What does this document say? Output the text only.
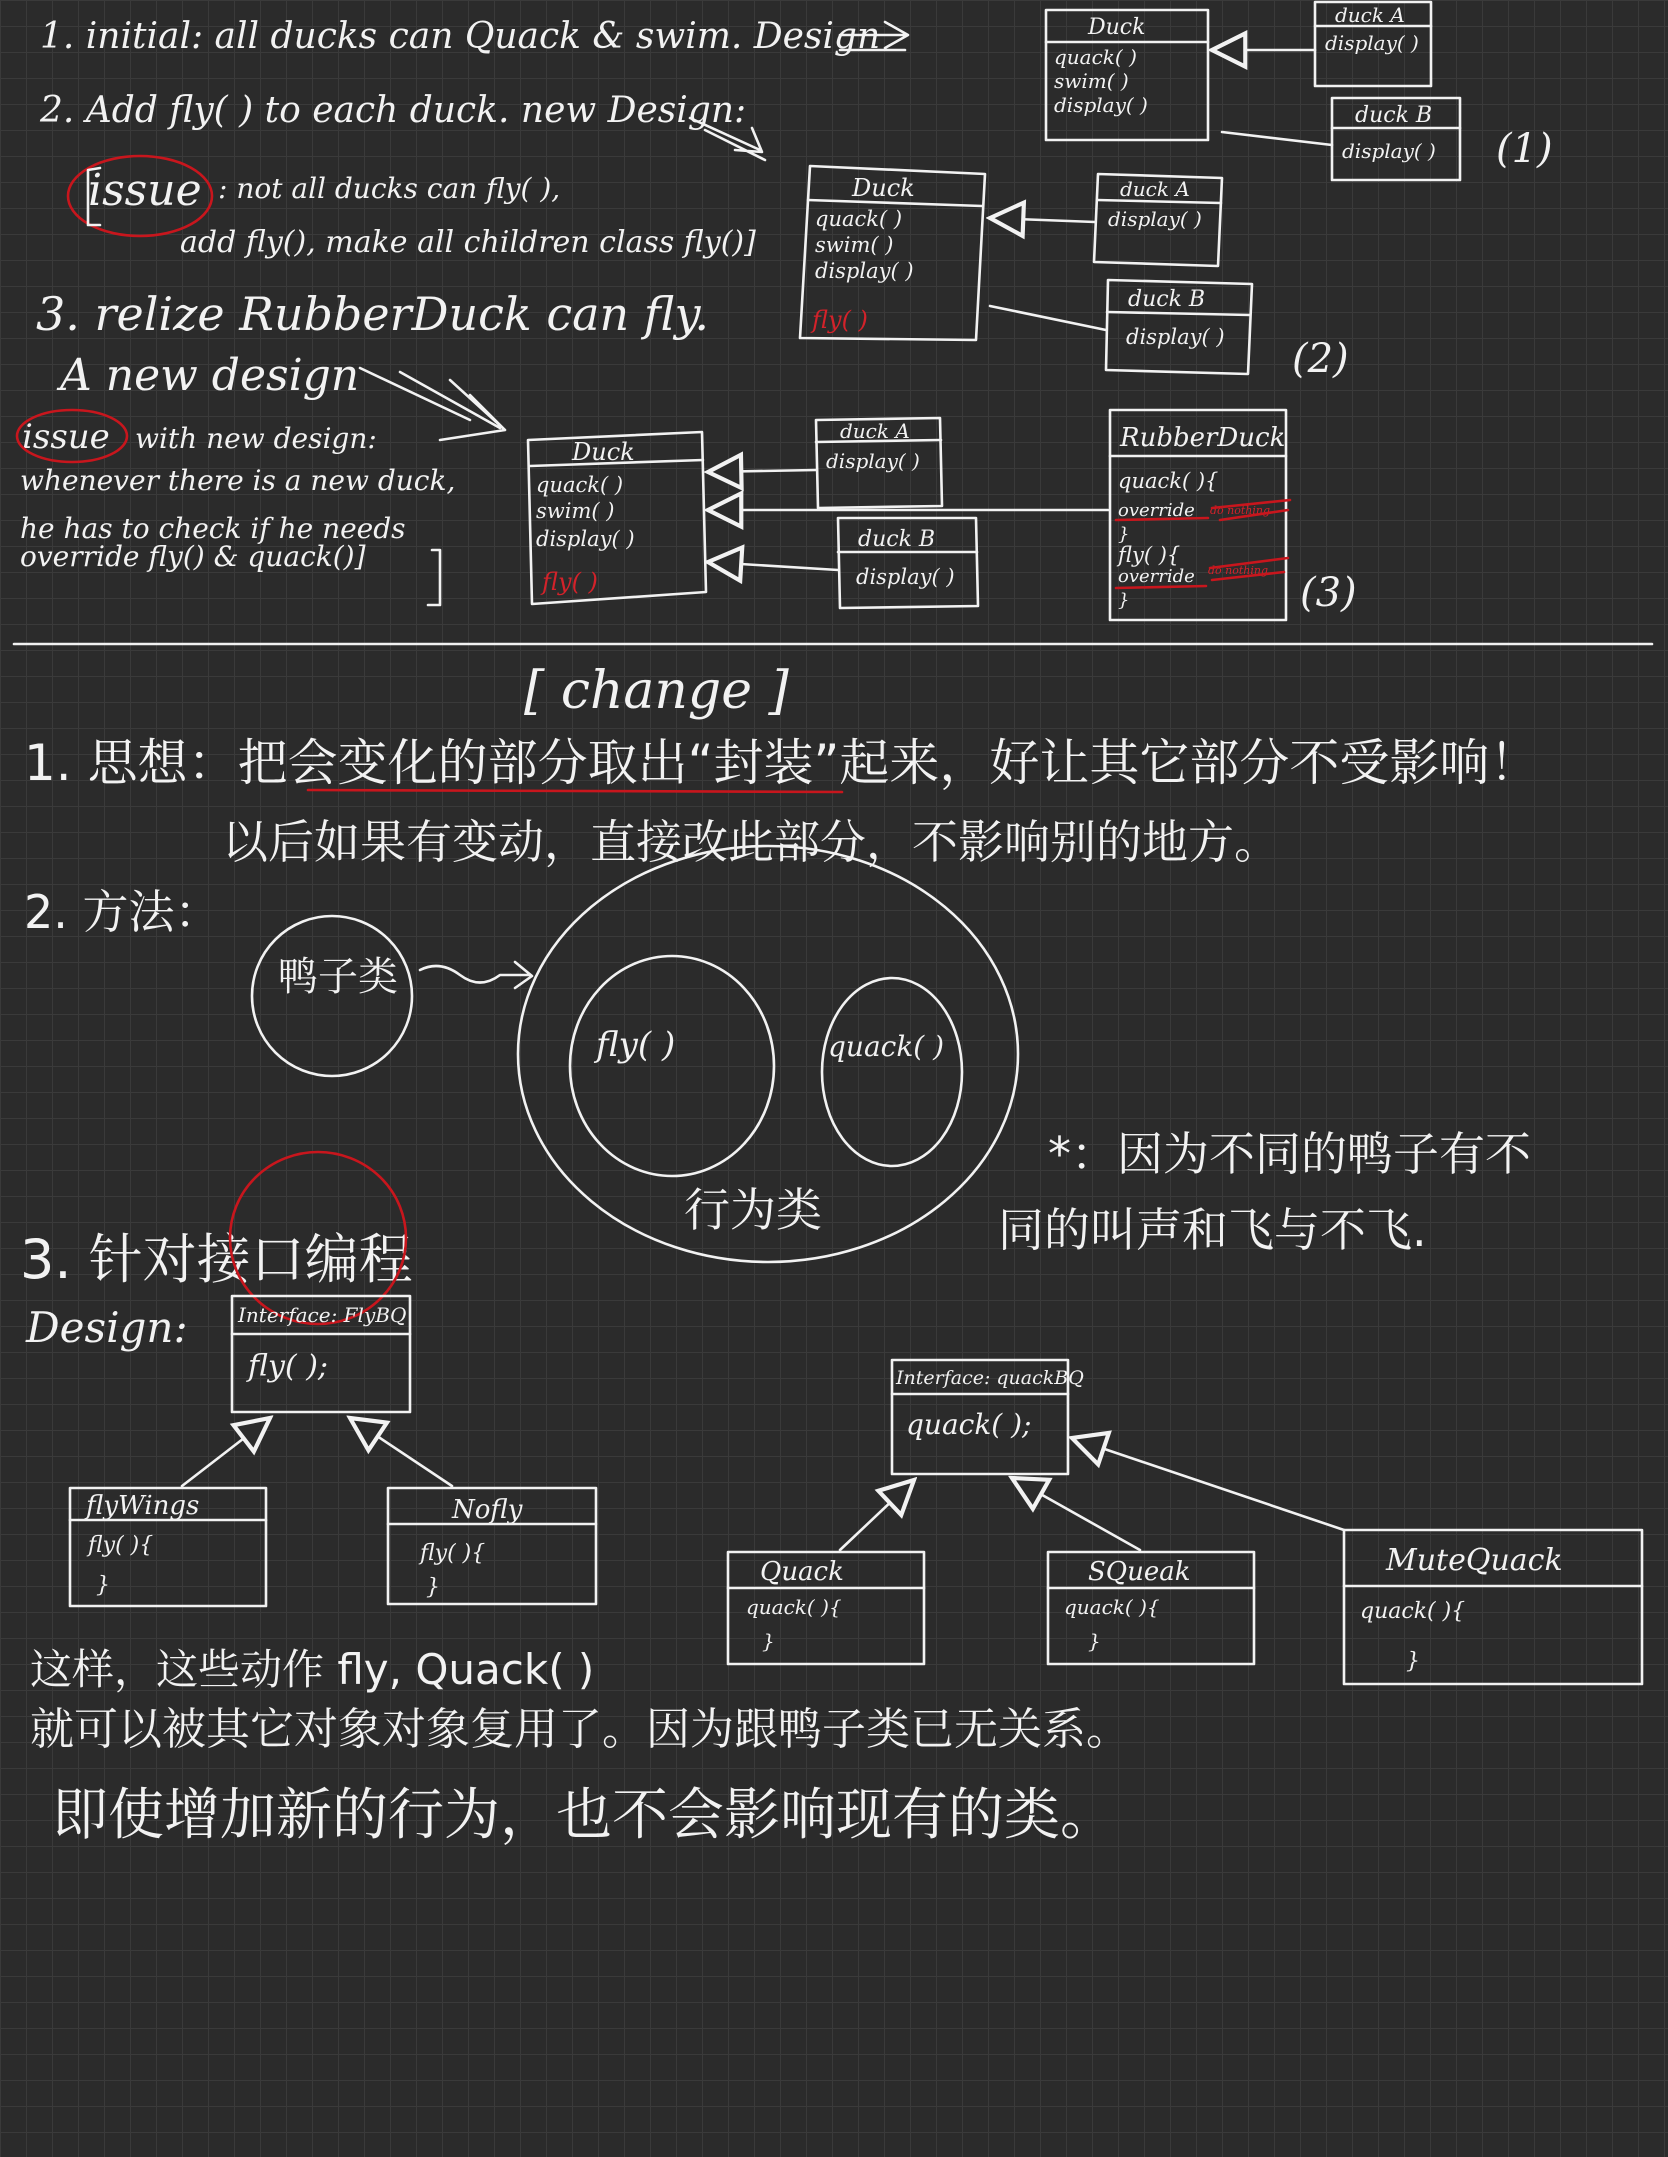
1. initial: all ducks can Quack & swim. Design
2. Add fly( ) to each duck. new Design:
issue : not all ducks can fly( ),
add fly(), make all children class fly()]
3. relize RubberDuck can fly.
A new design
issue with new design:
whenever there is a new duck,
he has to check if he needs
override fly() & quack()]
Duck
quack( )
swim( )
display( )
duck A
display( )
duck B
display( ) (1)
Duck
quack( )
swim( )
display( )
fly( )
duck A
display( )
duck B
display( ) (2)
Duck
quack( )
swim( )
display( )
fly( )
duck A
display( )
duck B
display( )
RubberDuck
quack( ){
override do nothing
}
fly( ){
override do nothing
}	(3)
[ change ]
1. 思想：把会变化的部分取出“封装”起来，好让其它部分不受影响！
以后如果有变动，直接改此部分，不影响别的地方。
2. 方法：
鸭子类
fly( )	quack( )
行为类
*：因为不同的鸭子有不
同的叫声和飞与不飞.
3. 针对接口编程
Design:	Interface: FlyBQ
fly( );
flyWings
fly( ){
}
Nofly
fly( ){
}
Interface: quackBQ
quack( );
Quack
quack( ){
}
SQueak
quack( ){
}
MuteQuack
quack( ){
}
这样，这些动作 fly, Quack( )
就可以被其它对象对象复用了。因为跟鸭子类已无关系。
即使增加新的行为，也不会影响现有的类。
